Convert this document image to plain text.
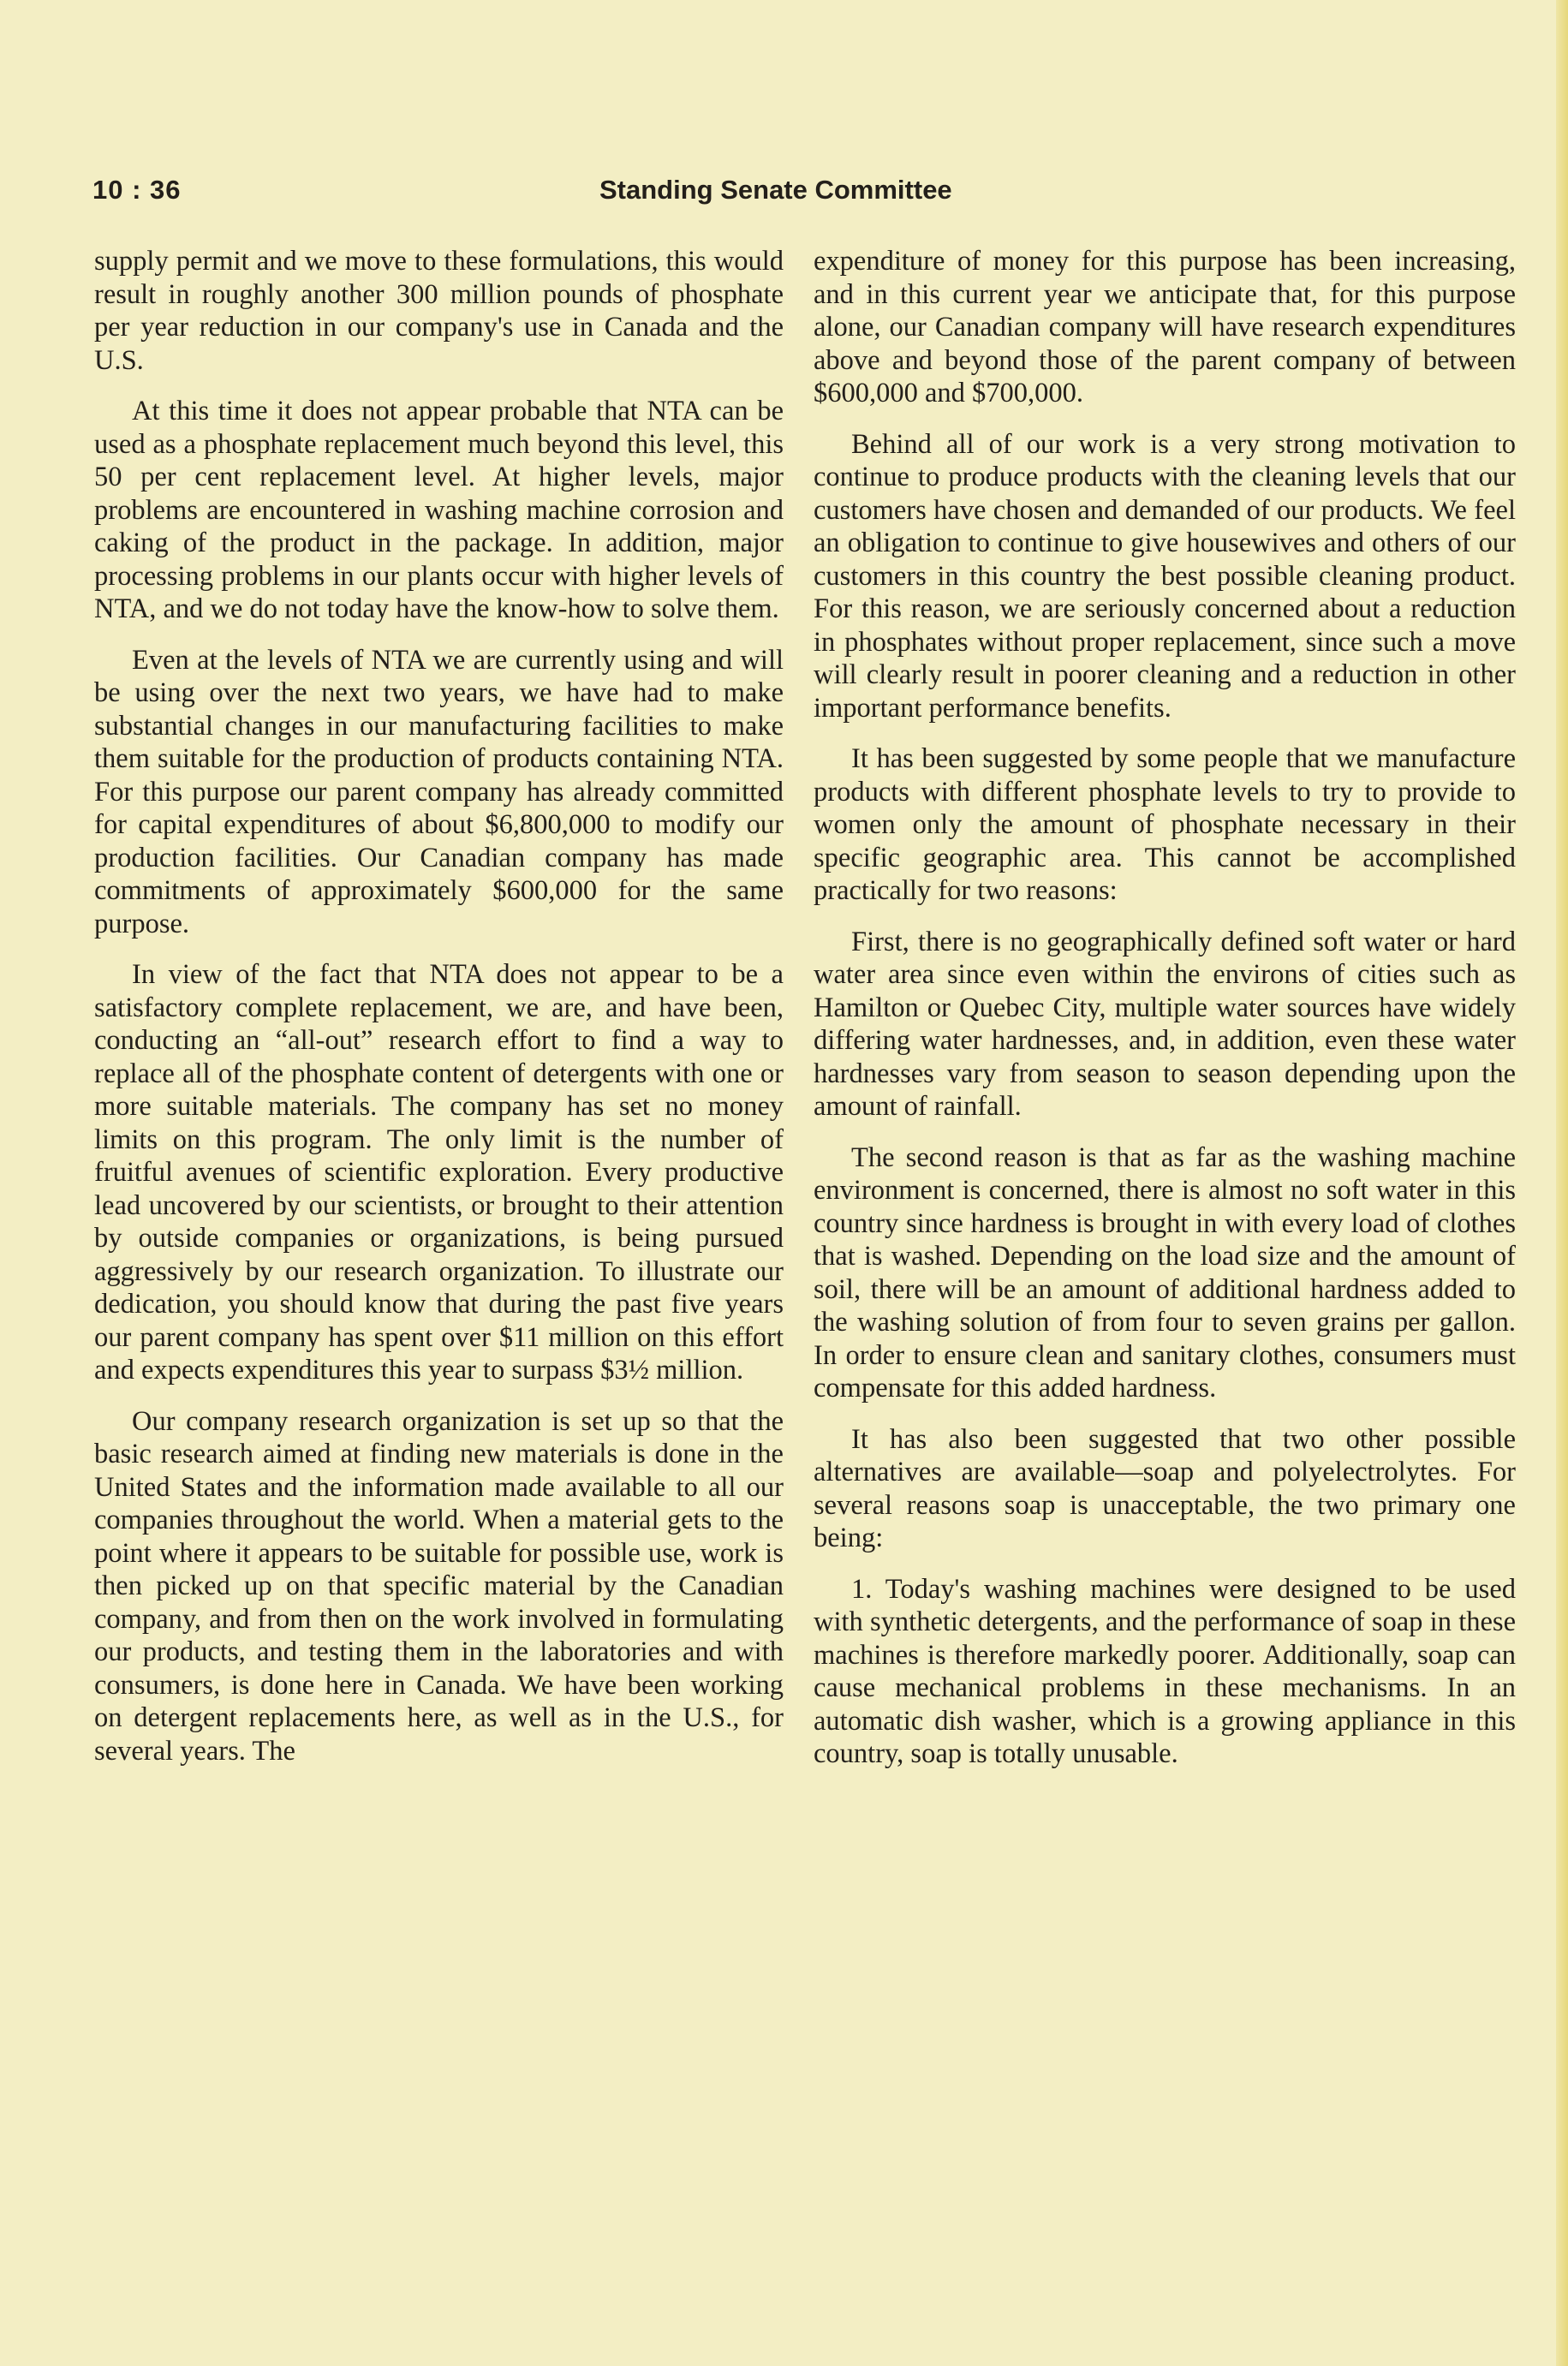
10 : 36	Standing Senate Committee

supply permit and we move to these formulations, this would result in roughly another 300 million pounds of phosphate per year reduction in our company's use in Canada and the U.S.

At this time it does not appear probable that NTA can be used as a phosphate replacement much beyond this level, this 50 per cent replacement level. At higher levels, major problems are encountered in washing machine corrosion and caking of the product in the package. In addition, major processing problems in our plants occur with higher levels of NTA, and we do not today have the know-how to solve them.

Even at the levels of NTA we are currently using and will be using over the next two years, we have had to make substantial changes in our manufacturing facilities to make them suitable for the production of products containing NTA. For this purpose our parent company has already committed for capital expenditures of about $6,800,000 to modify our production facilities. Our Canadian company has made commitments of approximately $600,000 for the same purpose.

In view of the fact that NTA does not appear to be a satisfactory complete replacement, we are, and have been, conducting an “all-out” research effort to find a way to replace all of the phosphate content of detergents with one or more suitable materials. The company has set no money limits on this program. The only limit is the number of fruitful avenues of scientific exploration. Every productive lead uncovered by our scientists, or brought to their attention by outside companies or organizations, is being pursued aggressively by our research organization. To illustrate our dedication, you should know that during the past five years our parent company has spent over $11 million on this effort and expects expenditures this year to surpass $3½ million.

Our company research organization is set up so that the basic research aimed at finding new materials is done in the United States and the information made available to all our companies throughout the world. When a material gets to the point where it appears to be suitable for possible use, work is then picked up on that specific material by the Canadian company, and from then on the work involved in formulating our products, and testing them in the laboratories and with consumers, is done here in Canada. We have been working on detergent replacements here, as well as in the U.S., for several years. The

expenditure of money for this purpose has been increasing, and in this current year we anticipate that, for this purpose alone, our Canadian company will have research expenditures above and beyond those of the parent company of between $600,000 and $700,000.

Behind all of our work is a very strong motivation to continue to produce products with the cleaning levels that our customers have chosen and demanded of our products. We feel an obligation to continue to give housewives and others of our customers in this country the best possible cleaning product. For this reason, we are seriously concerned about a reduction in phosphates without proper replacement, since such a move will clearly result in poorer cleaning and a reduction in other important performance benefits.

It has been suggested by some people that we manufacture products with different phosphate levels to try to provide to women only the amount of phosphate necessary in their specific geographic area. This cannot be accomplished practically for two reasons:

First, there is no geographically defined soft water or hard water area since even within the environs of cities such as Hamilton or Quebec City, multiple water sources have widely differing water hardnesses, and, in addition, even these water hardnesses vary from season to season depending upon the amount of rainfall.

The second reason is that as far as the washing machine environment is concerned, there is almost no soft water in this country since hardness is brought in with every load of clothes that is washed. Depending on the load size and the amount of soil, there will be an amount of additional hardness added to the washing solution of from four to seven grains per gallon. In order to ensure clean and sanitary clothes, consumers must compensate for this added hardness.

It has also been suggested that two other possible alternatives are available—soap and polyelectrolytes. For several reasons soap is unacceptable, the two primary one being:

1. Today's washing machines were designed to be used with synthetic detergents, and the performance of soap in these machines is therefore markedly poorer. Additionally, soap can cause mechanical problems in these mechanisms. In an automatic dish washer, which is a growing appliance in this country, soap is totally unusable.
